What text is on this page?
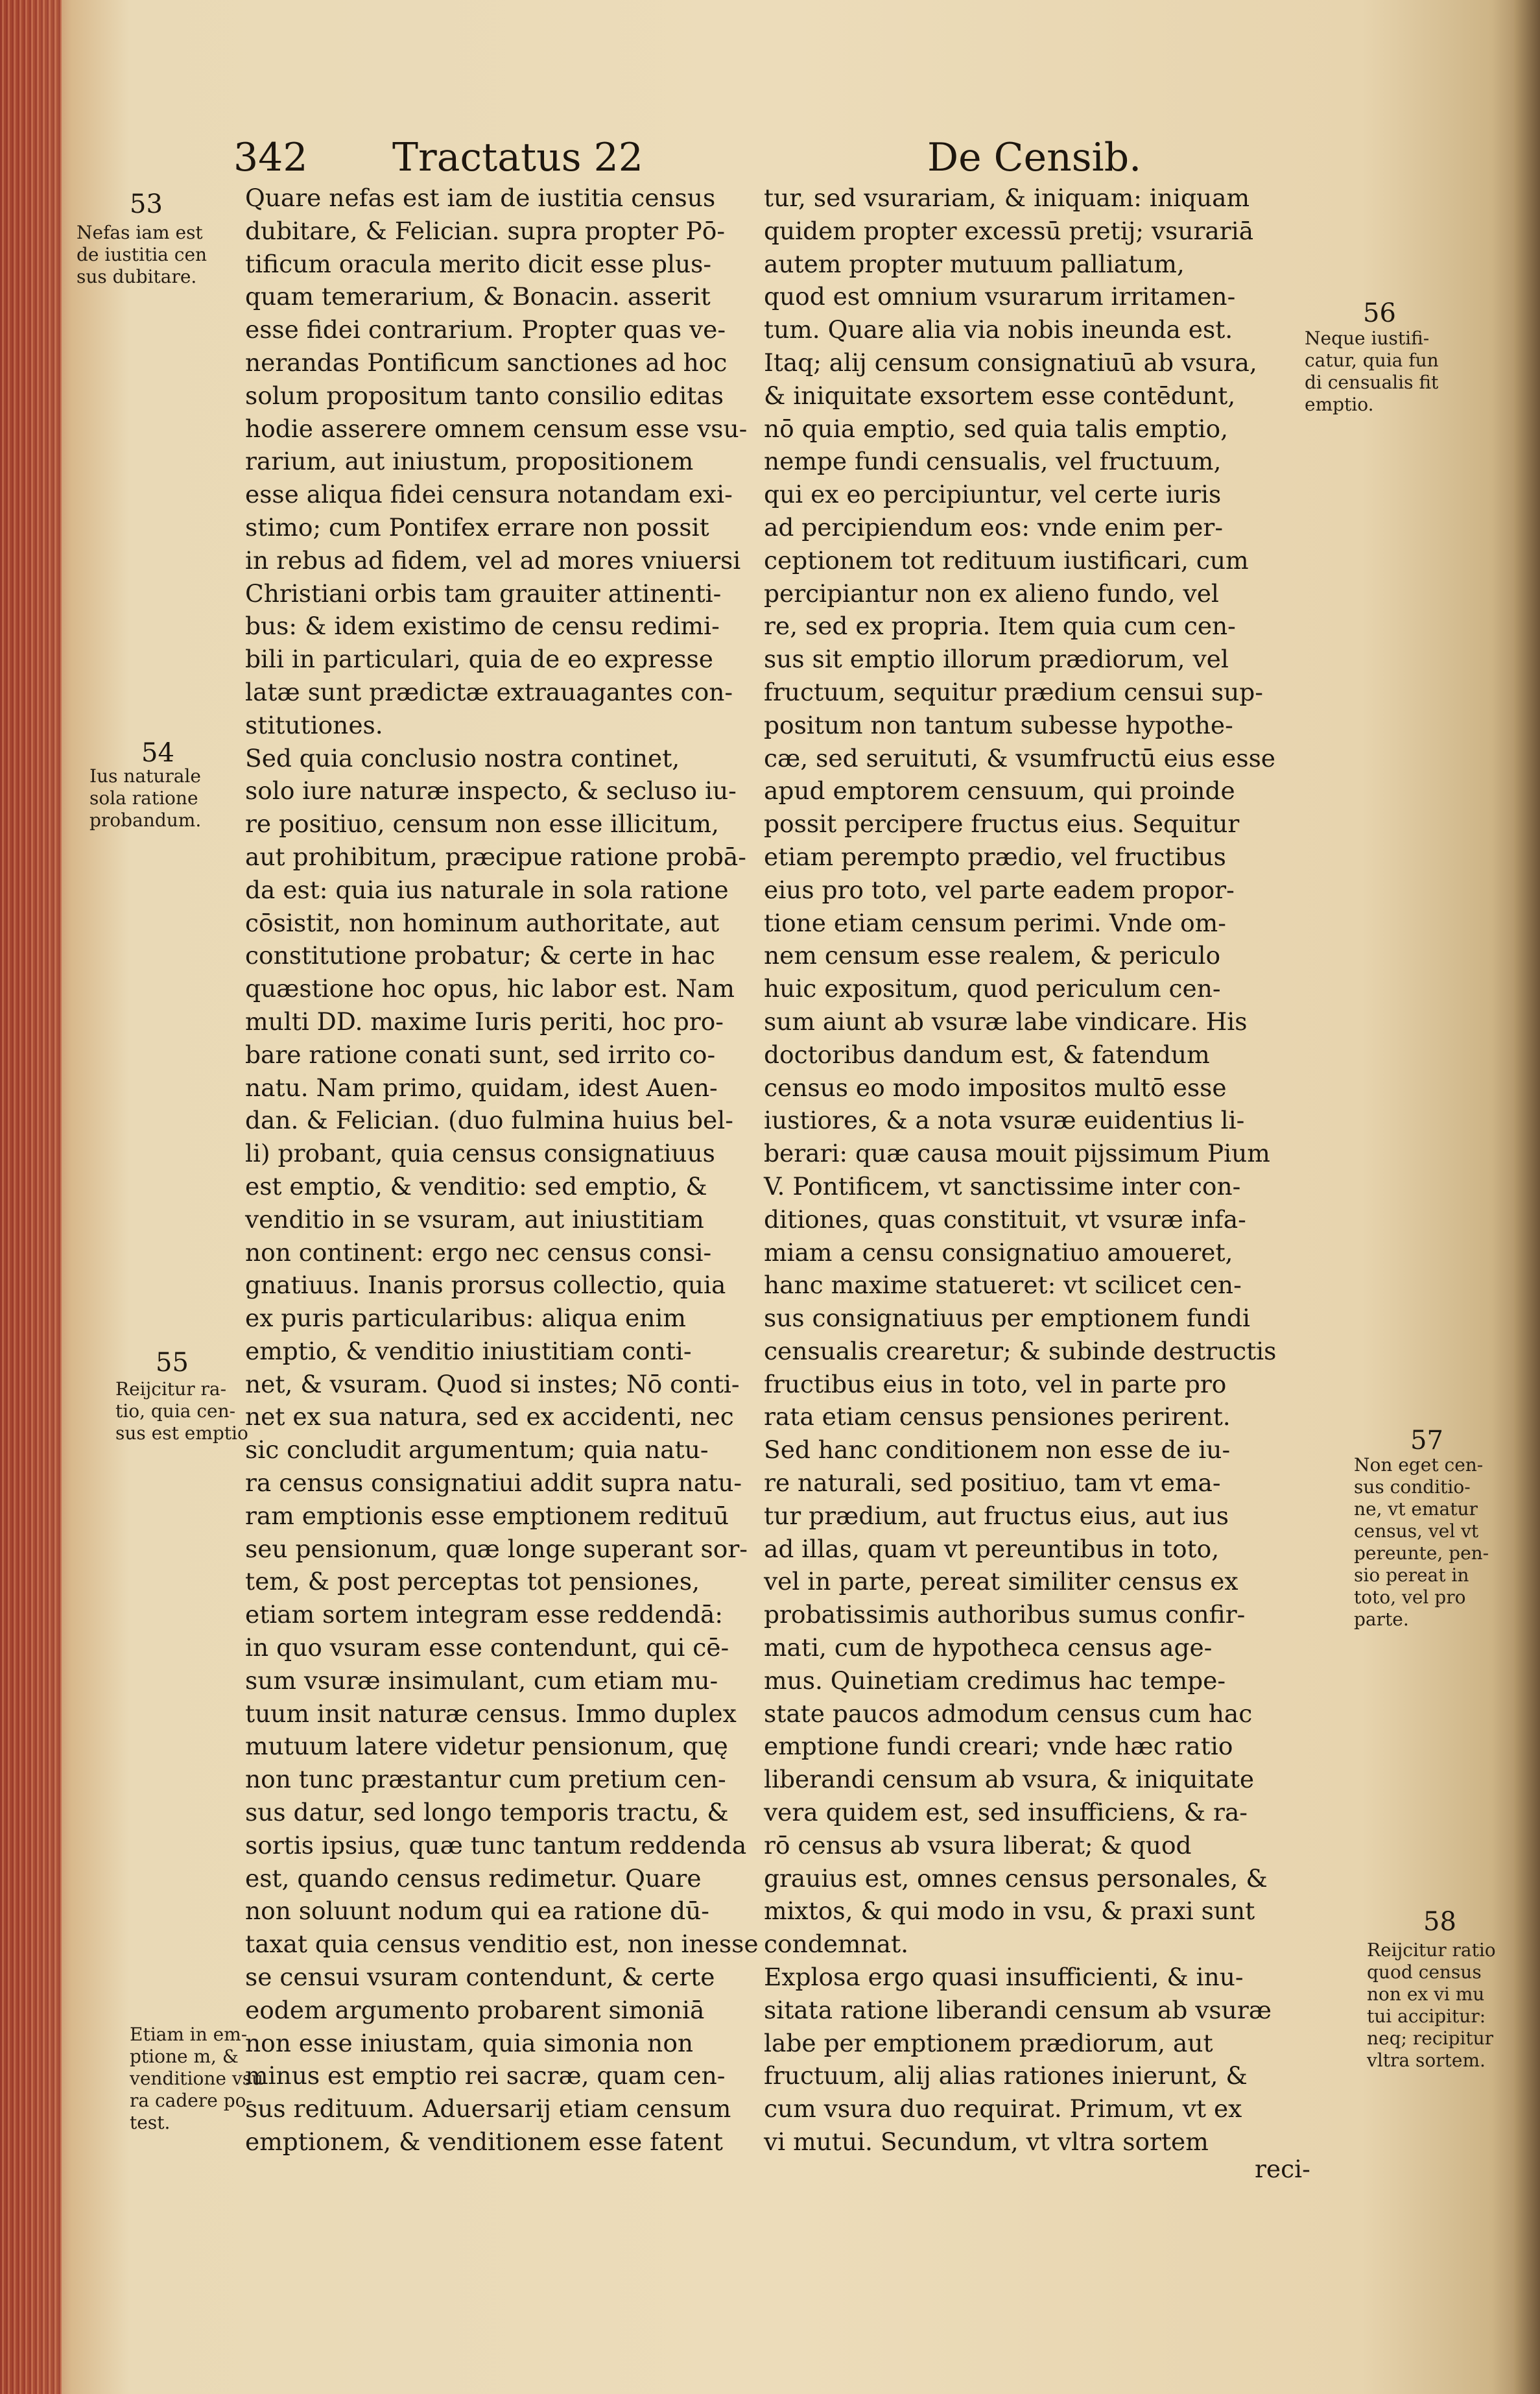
342 Tractatus 22	De Censib.
Quare nefas est iam de iustitia census
dubitare, & Felician. supra propter Pō-
tificum oracula merito dicit esse plus-
quam temerarium, & Bonacin. asserit
esse fidei contrarium. Propter quas ve-
nerandas Pontificum sanctiones ad hoc
solum propositum tanto consilio editas
hodie asserere omnem censum esse vsu-
rarium, aut iniustum, propositionem
esse aliqua fidei censura notandam exi-
stimo; cum Pontifex errare non possit
in rebus ad fidem, vel ad mores vniuersi
Christiani orbis tam grauiter attinenti-
bus: & idem existimo de censu redimi-
bili in particulari, quia de eo expresse
latæ sunt prædictæ extrauagantes con-
stitutiones.
Sed quia conclusio nostra continet,
solo iure naturæ inspecto, & secluso iu-
re positiuo, censum non esse illicitum,
aut prohibitum, præcipue ratione probā-
da est: quia ius naturale in sola ratione
cōsistit, non hominum authoritate, aut
constitutione probatur; & certe in hac
quæstione hoc opus, hic labor est. Nam
multi DD. maxime Iuris periti, hoc pro-
bare ratione conati sunt, sed irrito co-
natu. Nam primo, quidam, idest Auen-
dan. & Felician. (duo fulmina huius bel-
li) probant, quia census consignatiuus
est emptio, & venditio: sed emptio, &
venditio in se vsuram, aut iniustitiam
non continent: ergo nec census consi-
gnatiuus. Inanis prorsus collectio, quia
ex puris particularibus: aliqua enim
emptio, & venditio iniustitiam conti-
net, & vsuram. Quod si instes; Nō conti-
net ex sua natura, sed ex accidenti, nec
sic concludit argumentum; quia natu-
ra census consignatiui addit supra natu-
ram emptionis esse emptionem redituū
seu pensionum, quæ longe superant sor-
tem, & post perceptas tot pensiones,
etiam sortem integram esse reddendā:
in quo vsuram esse contendunt, qui cē-
sum vsuræ insimulant, cum etiam mu-
tuum insit naturæ census. Immo duplex
mutuum latere videtur pensionum, quę
non tunc præstantur cum pretium cen-
sus datur, sed longo temporis tractu, &
sortis ipsius, quæ tunc tantum reddenda
est, quando census redimetur. Quare
non soluunt nodum qui ea ratione dū-
taxat quia census venditio est, non inesse
se censui vsuram contendunt, & certe
eodem argumento probarent simoniā
non esse iniustam, quia simonia non
minus est emptio rei sacræ, quam cen-
sus redituum. Aduersarij etiam censum
emptionem, & venditionem esse fatent
tur, sed vsurariam, & iniquam: iniquam
quidem propter excessū pretij; vsurariā
autem propter mutuum palliatum,
quod est omnium vsurarum irritamen-
tum. Quare alia via nobis ineunda est.
Itaq; alij censum consignatiuū ab vsura,
& iniquitate exsortem esse contēdunt,
nō quia emptio, sed quia talis emptio,
nempe fundi censualis, vel fructuum,
qui ex eo percipiuntur, vel certe iuris
ad percipiendum eos: vnde enim per-
ceptionem tot redituum iustificari, cum
percipiantur non ex alieno fundo, vel
re, sed ex propria. Item quia cum cen-
sus sit emptio illorum prædiorum, vel
fructuum, sequitur prædium censui sup-
positum non tantum subesse hypothe-
cæ, sed seruituti, & vsumfructū eius esse
apud emptorem censuum, qui proinde
possit percipere fructus eius. Sequitur
etiam perempto prædio, vel fructibus
eius pro toto, vel parte eadem propor-
tione etiam censum perimi. Vnde om-
nem censum esse realem, & periculo
huic expositum, quod periculum cen-
sum aiunt ab vsuræ labe vindicare. His
doctoribus dandum est, & fatendum
census eo modo impositos multō esse
iustiores, & a nota vsuræ euidentius li-
berari: quæ causa mouit pijssimum Pium
V. Pontificem, vt sanctissime inter con-
ditiones, quas constituit, vt vsuræ infa-
miam a censu consignatiuo amoueret,
hanc maxime statueret: vt scilicet cen-
sus consignatiuus per emptionem fundi
censualis crearetur; & subinde destructis
fructibus eius in toto, vel in parte pro
rata etiam census pensiones perirent.
Sed hanc conditionem non esse de iu-
re naturali, sed positiuo, tam vt ema-
tur prædium, aut fructus eius, aut ius
ad illas, quam vt pereuntibus in toto,
vel in parte, pereat similiter census ex
probatissimis authoribus sumus confir-
mati, cum de hypotheca census age-
mus. Quinetiam credimus hac tempe-
state paucos admodum census cum hac
emptione fundi creari; vnde hæc ratio
liberandi censum ab vsura, & iniquitate
vera quidem est, sed insufficiens, & ra-
rō census ab vsura liberat; & quod
grauius est, omnes census personales, &
mixtos, & qui modo in vsu, & praxi sunt
condemnat.
Explosa ergo quasi insufficienti, & inu-
sitata ratione liberandi censum ab vsuræ
labe per emptionem prædiorum, aut
fructuum, alij alias rationes inierunt, &
cum vsura duo requirat. Primum, vt ex
vi mutui. Secundum, vt vltra sortem
reci-
53
Nefas iam est
de iustitia cen
sus dubitare.
54
Ius naturale
sola ratione
probandum.
55
Reijcitur ra-
tio, quia cen-
sus est emptio
Etiam in em-
ptione m, &
venditione vsu
ra cadere po-
test.
56
Neque iustifi-
catur, quia fun
di censualis fit
emptio.
57
Non eget cen-
sus conditio-
ne, vt ematur
census, vel vt
pereunte, pen-
sio pereat in
toto, vel pro
parte.
58
Reijcitur ratio
quod census
non ex vi mu
tui accipitur:
neq; recipitur
vltra sortem.
